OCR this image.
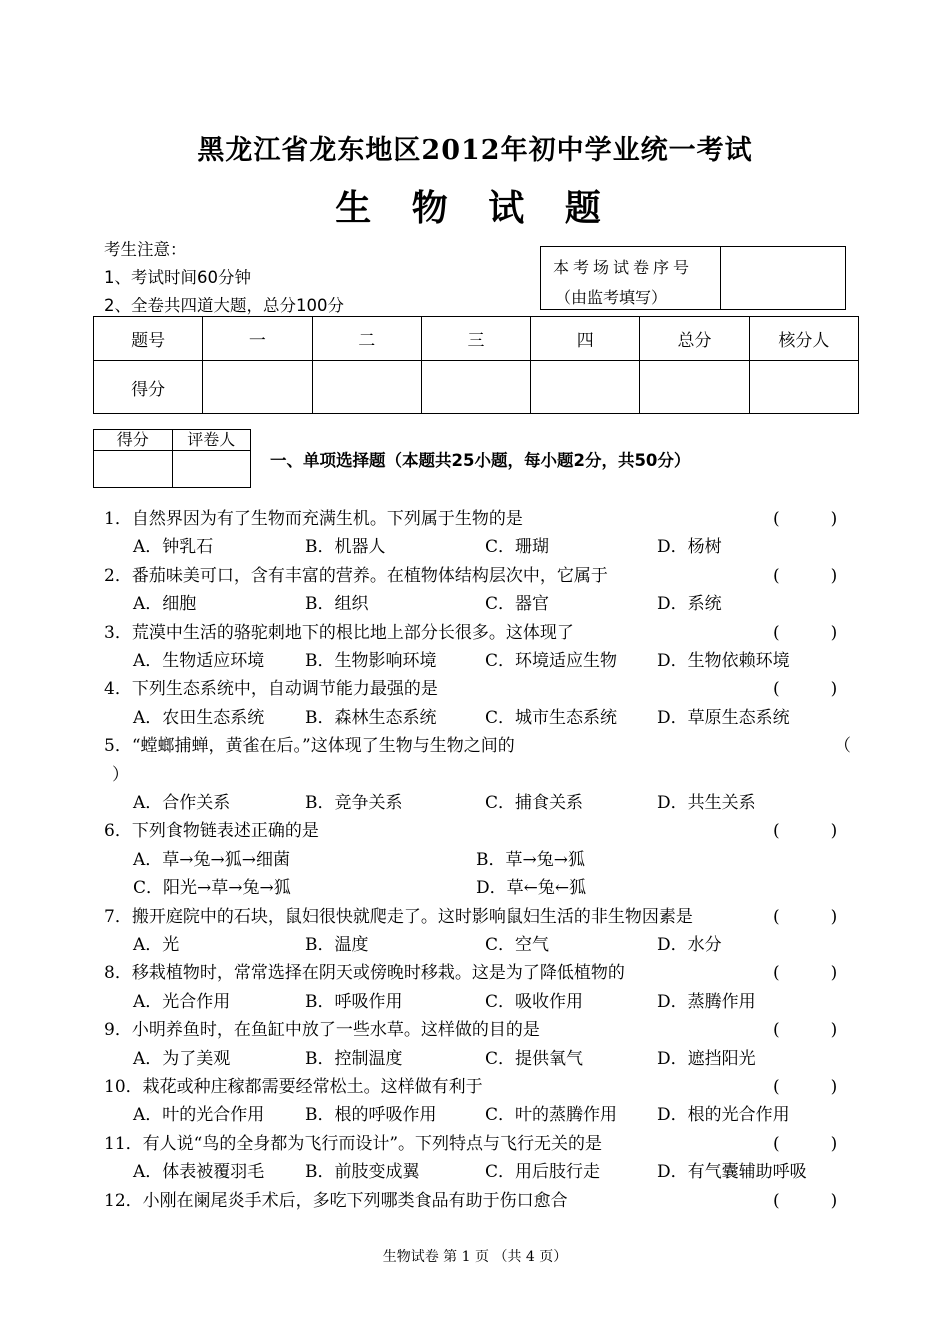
黑龙江省龙东地区2012年初中学业统一考试
生 物 试 题
考生注意：
1、考试时间60分钟
2、全卷共四道大题，总分100分
本考场试卷序号
（由监考填写）
题号	一	二	三	四	总分	核分人
得分						
得分	评卷人

一、单项选择题（本题共25小题，每小题2分，共50分）
1．自然界因为有了生物而充满生机。下列属于生物的是	(　　　)
A．钟乳石	B．机器人	C．珊瑚	D．杨树
2．番茄味美可口，含有丰富的营养。在植物体结构层次中，它属于	(　　　)
A．细胞	B．组织	C．器官	D．系统
3．荒漠中生活的骆驼刺地下的根比地上部分长很多。这体现了	(　　　)
A．生物适应环境 B．生物影响环境	C．环境适应生物 D．生物依赖环境
4．下列生态系统中，自动调节能力最强的是	(　　　)
A．农田生态系统 B．森林生态系统	C．城市生态系统 D．草原生态系统
5．“螳螂捕蝉，黄雀在后。”这体现了生物与生物之间的	（
）
A．合作关系	B．竞争关系	C．捕食关系	D．共生关系
6．下列食物链表述正确的是	(　　　)
A．草→兔→狐→细菌	B．草→兔→狐
C．阳光→草→兔→狐	D．草←兔←狐
7．搬开庭院中的石块，鼠妇很快就爬走了。这时影响鼠妇生活的非生物因素是	(　　　)
A．光	B．温度	C．空气	D．水分
8．移栽植物时，常常选择在阴天或傍晚时移栽。这是为了降低植物的	(　　　)
A．光合作用	B．呼吸作用	C．吸收作用	D．蒸腾作用
9．小明养鱼时，在鱼缸中放了一些水草。这样做的目的是	(　　　)
A．为了美观	B．控制温度	C．提供氧气	D．遮挡阳光
10．栽花或种庄稼都需要经常松土。这样做有利于	(　　　)
A．叶的光合作用 B．根的呼吸作用	C．叶的蒸腾作用 D．根的光合作用
11．有人说“鸟的全身都为飞行而设计”。下列特点与飞行无关的是	(　　　)
A．体表被覆羽毛 B．前肢变成翼	C．用后肢行走	D．有气囊辅助呼吸
12．小刚在阑尾炎手术后，多吃下列哪类食品有助于伤口愈合	(　　　)
生物试卷 第 1 页 （共 4 页）
